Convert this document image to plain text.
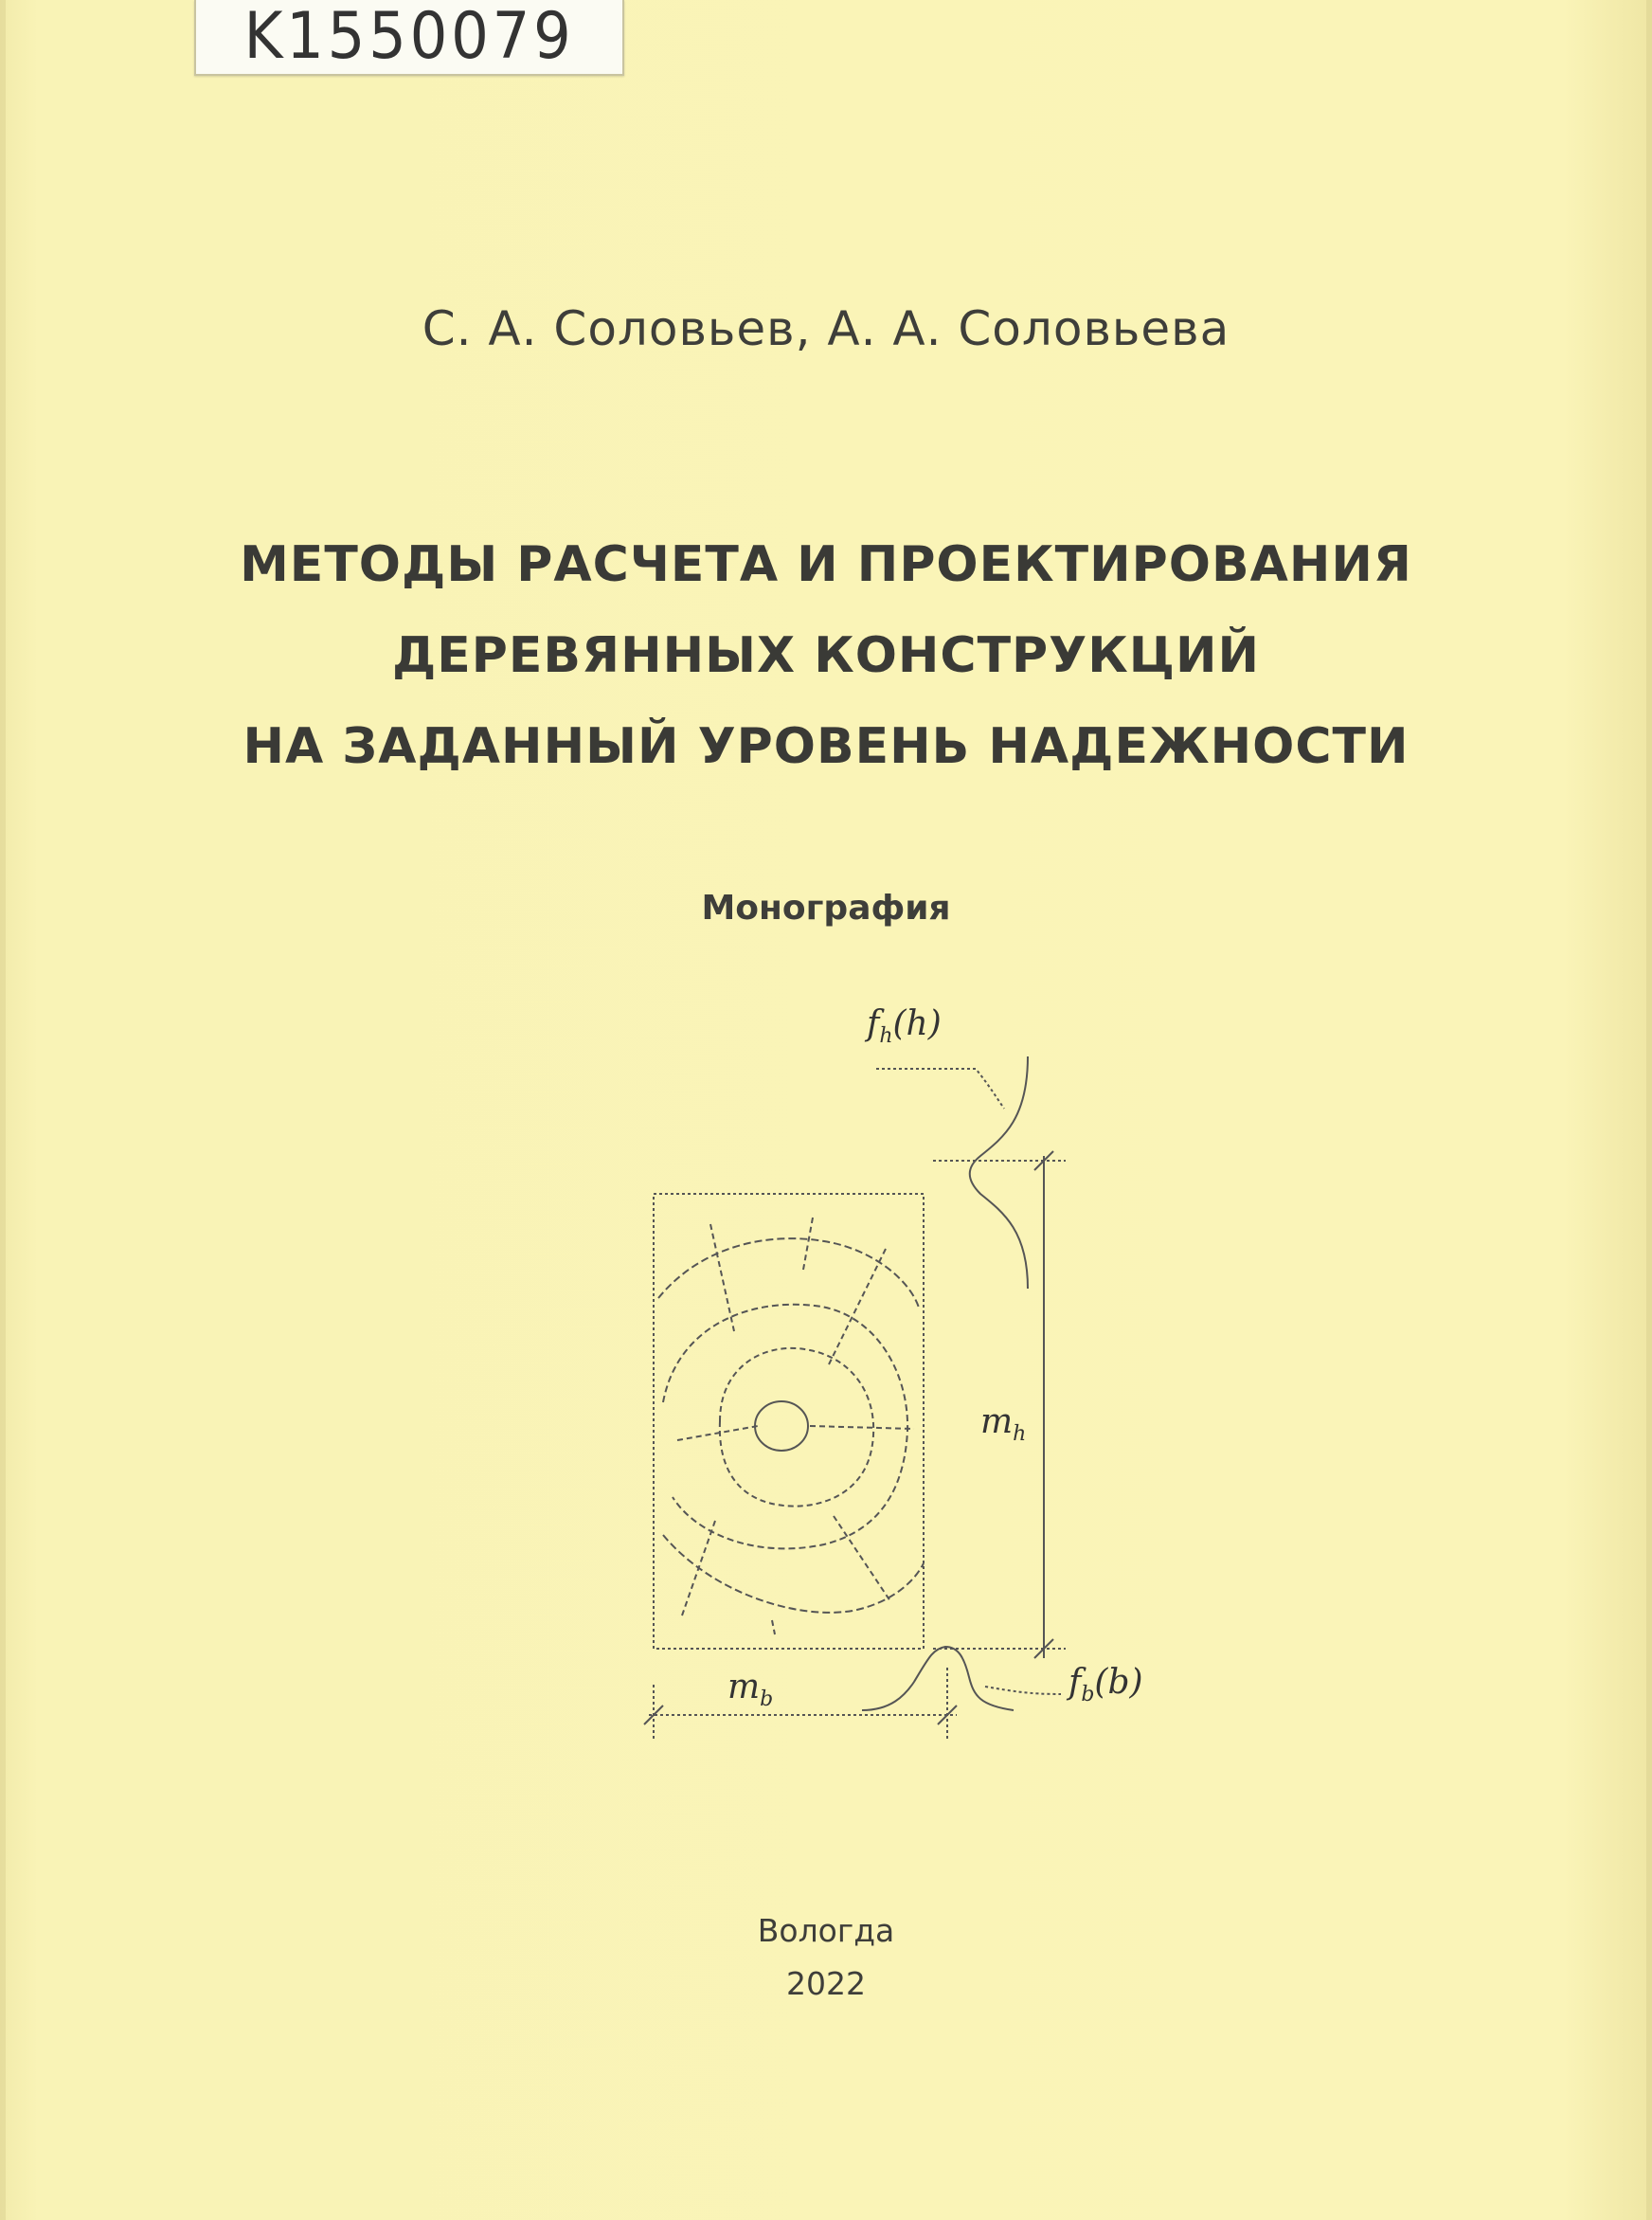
K1550079
С. А. Соловьев, А. А. Соловьева
МЕТОДЫ РАСЧЕТА И ПРОЕКТИРОВАНИЯ
ДЕРЕВЯННЫХ КОНСТРУКЦИЙ
НА ЗАДАННЫЙ УРОВЕНЬ НАДЕЖНОСТИ
Монография
$f_h(h)$
$m_h$
$m_b$	$f_b(b)$
Вологда
2022
